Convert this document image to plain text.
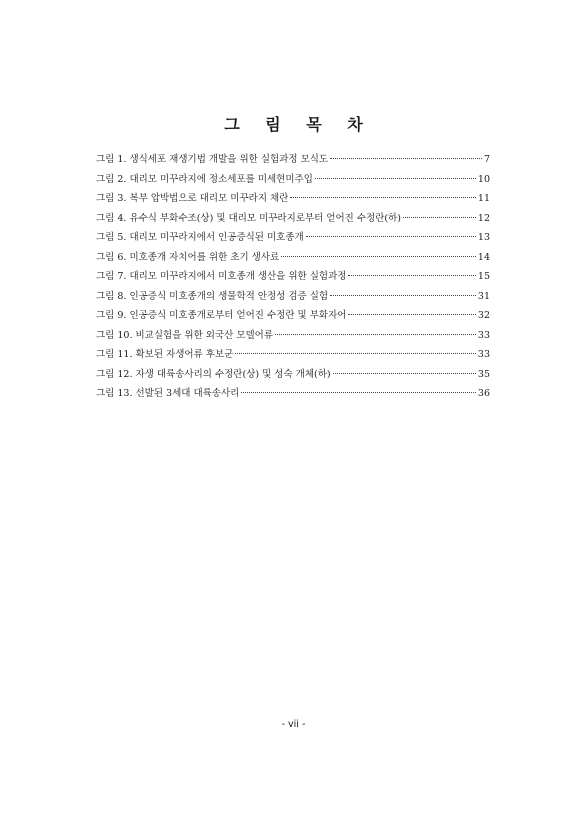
그 림 목 차
그림 1. 생식세포 재생기법 개발을 위한 실험과정 모식도	7
그림 2. 대리모 미꾸라지에 정소세포를 미세현미주입	10
그림 3. 복부 압박법으로 대리모 미꾸라지 채란	11
그림 4. 유수식 부화수조(상) 및 대리모 미꾸라지로부터 얻어진 수정란(하)	12
그림 5. 대리모 미꾸라지에서 인공증식된 미호종개	13
그림 6. 미호종개 자치어를 위한 초기 생사료	14
그림 7. 대리모 미꾸라지에서 미호종개 생산을 위한 실험과정	15
그림 8. 인공증식 미호종개의 생물학적 안정성 검증 실험	31
그림 9. 인공증식 미호종개로부터 얻어진 수정란 및 부화자어	32
그림 10. 비교실험을 위한 외국산 모델어류	33
그림 11. 확보된 자생어류 후보군	33
그림 12. 자생 대륙송사리의 수정란(상) 및 성숙 개체(하)	35
그림 13. 선발된 3세대 대륙송사리	36
- vii -
